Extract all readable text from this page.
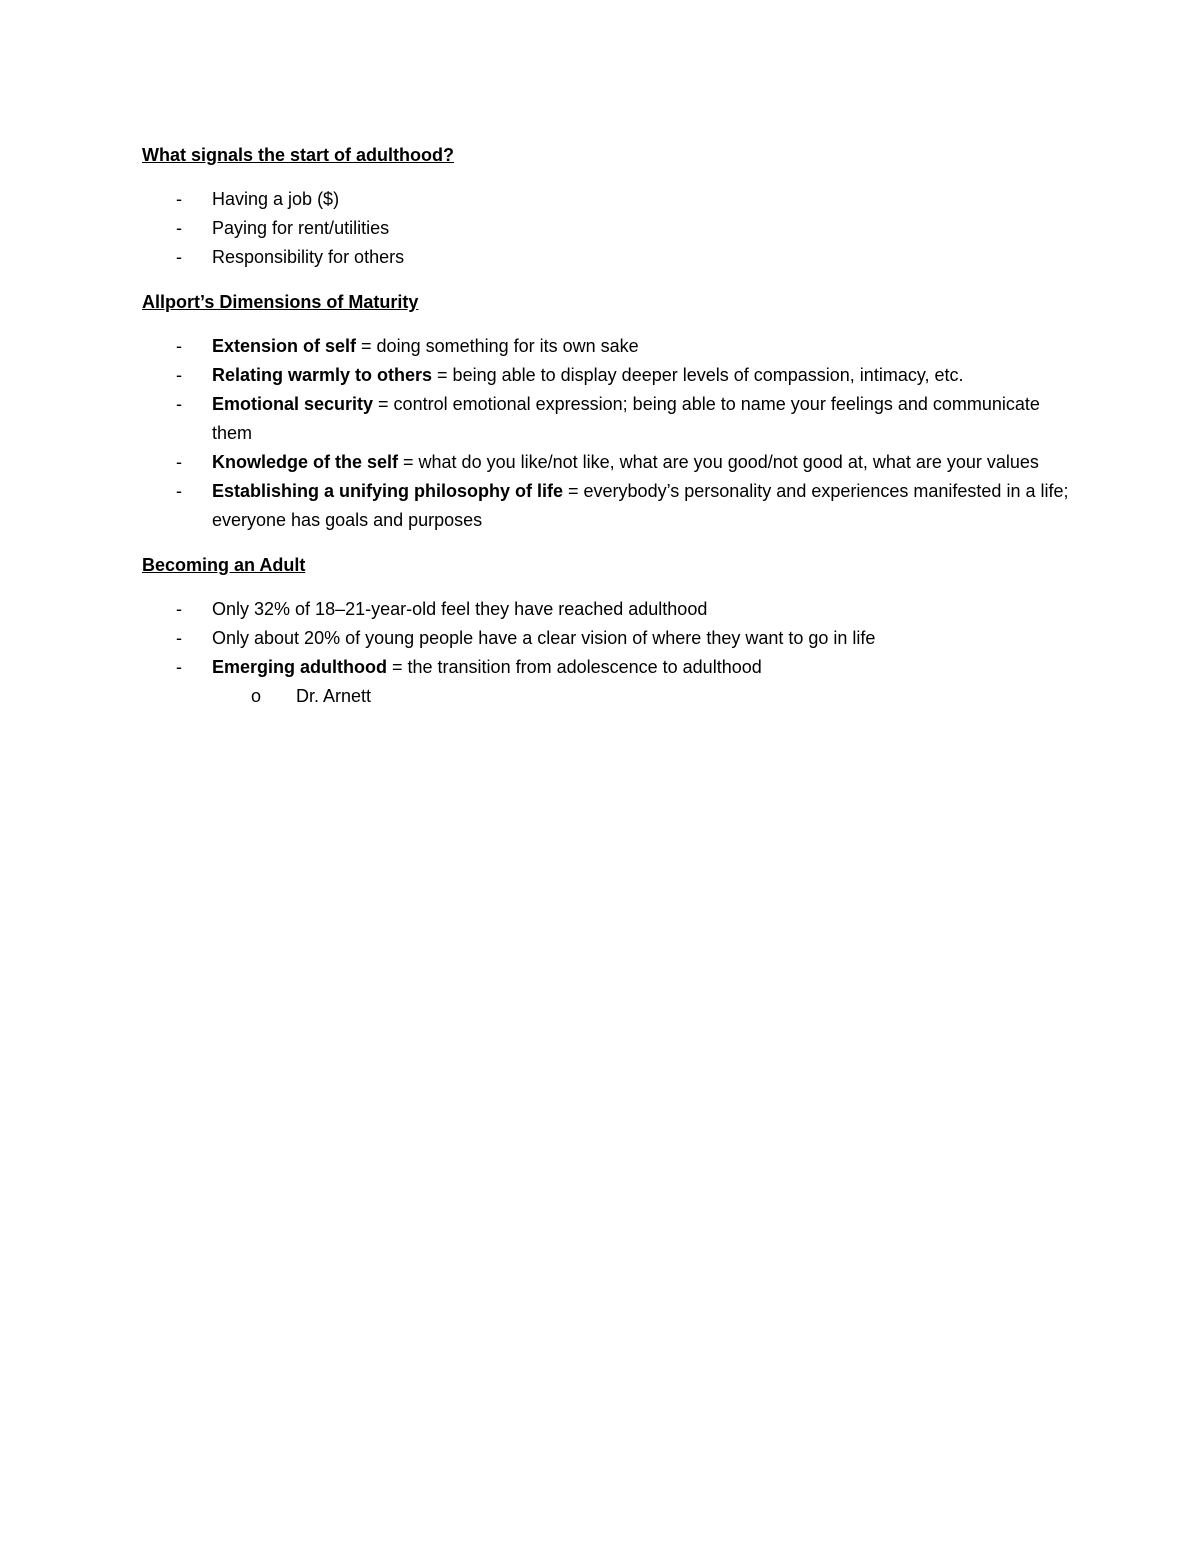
What signals the start of adulthood?

- Having a job ($)
- Paying for rent/utilities
- Responsibility for others

Allport’s Dimensions of Maturity

- Extension of self = doing something for its own sake
- Relating warmly to others = being able to display deeper levels of compassion, intimacy, etc.
- Emotional security = control emotional expression; being able to name your feelings and communicate them
- Knowledge of the self = what do you like/not like, what are you good/not good at, what are your values
- Establishing a unifying philosophy of life = everybody’s personality and experiences manifested in a life; everyone has goals and purposes

Becoming an Adult

- Only 32% of 18–21-year-old feel they have reached adulthood
- Only about 20% of young people have a clear vision of where they want to go in life
- Emerging adulthood = the transition from adolescence to adulthood
o Dr. Arnett
